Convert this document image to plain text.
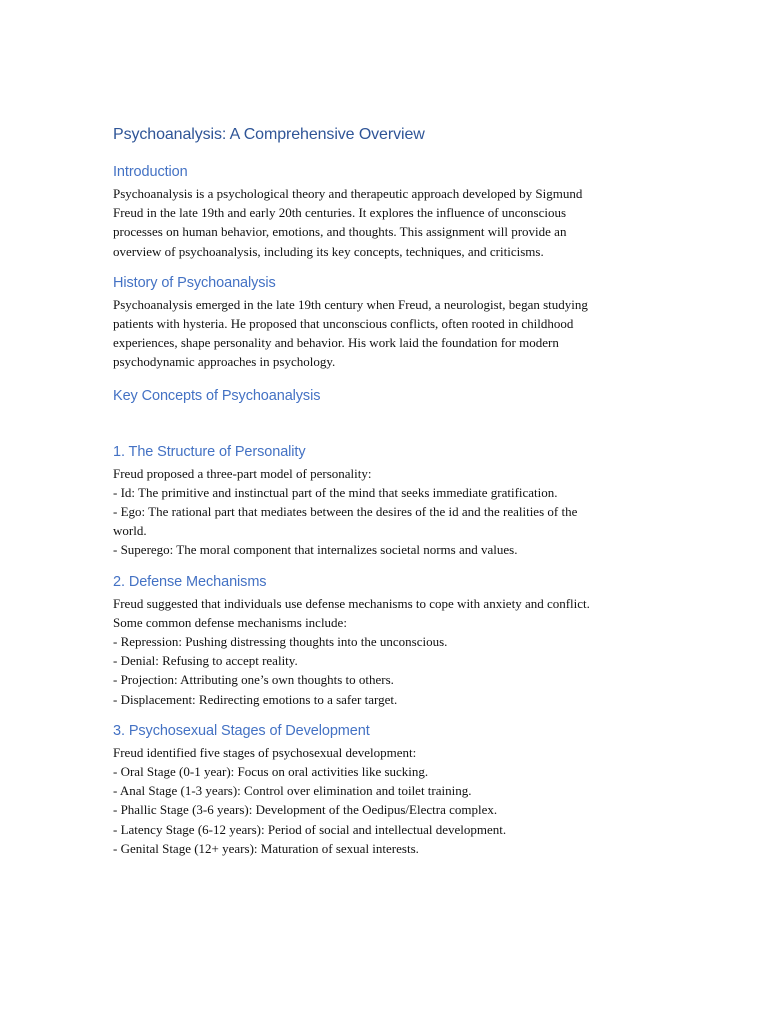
Psychoanalysis: A Comprehensive Overview
Introduction
Psychoanalysis is a psychological theory and therapeutic approach developed by Sigmund
Freud in the late 19th and early 20th centuries. It explores the influence of unconscious
processes on human behavior, emotions, and thoughts. This assignment will provide an
overview of psychoanalysis, including its key concepts, techniques, and criticisms.
History of Psychoanalysis
Psychoanalysis emerged in the late 19th century when Freud, a neurologist, began studying
patients with hysteria. He proposed that unconscious conflicts, often rooted in childhood
experiences, shape personality and behavior. His work laid the foundation for modern
psychodynamic approaches in psychology.
Key Concepts of Psychoanalysis
1. The Structure of Personality
Freud proposed a three-part model of personality:
- Id: The primitive and instinctual part of the mind that seeks immediate gratification.
- Ego: The rational part that mediates between the desires of the id and the realities of the
world.
- Superego: The moral component that internalizes societal norms and values.
2. Defense Mechanisms
Freud suggested that individuals use defense mechanisms to cope with anxiety and conflict.
Some common defense mechanisms include:
- Repression: Pushing distressing thoughts into the unconscious.
- Denial: Refusing to accept reality.
- Projection: Attributing one’s own thoughts to others.
- Displacement: Redirecting emotions to a safer target.
3. Psychosexual Stages of Development
Freud identified five stages of psychosexual development:
- Oral Stage (0-1 year): Focus on oral activities like sucking.
- Anal Stage (1-3 years): Control over elimination and toilet training.
- Phallic Stage (3-6 years): Development of the Oedipus/Electra complex.
- Latency Stage (6-12 years): Period of social and intellectual development.
- Genital Stage (12+ years): Maturation of sexual interests.
